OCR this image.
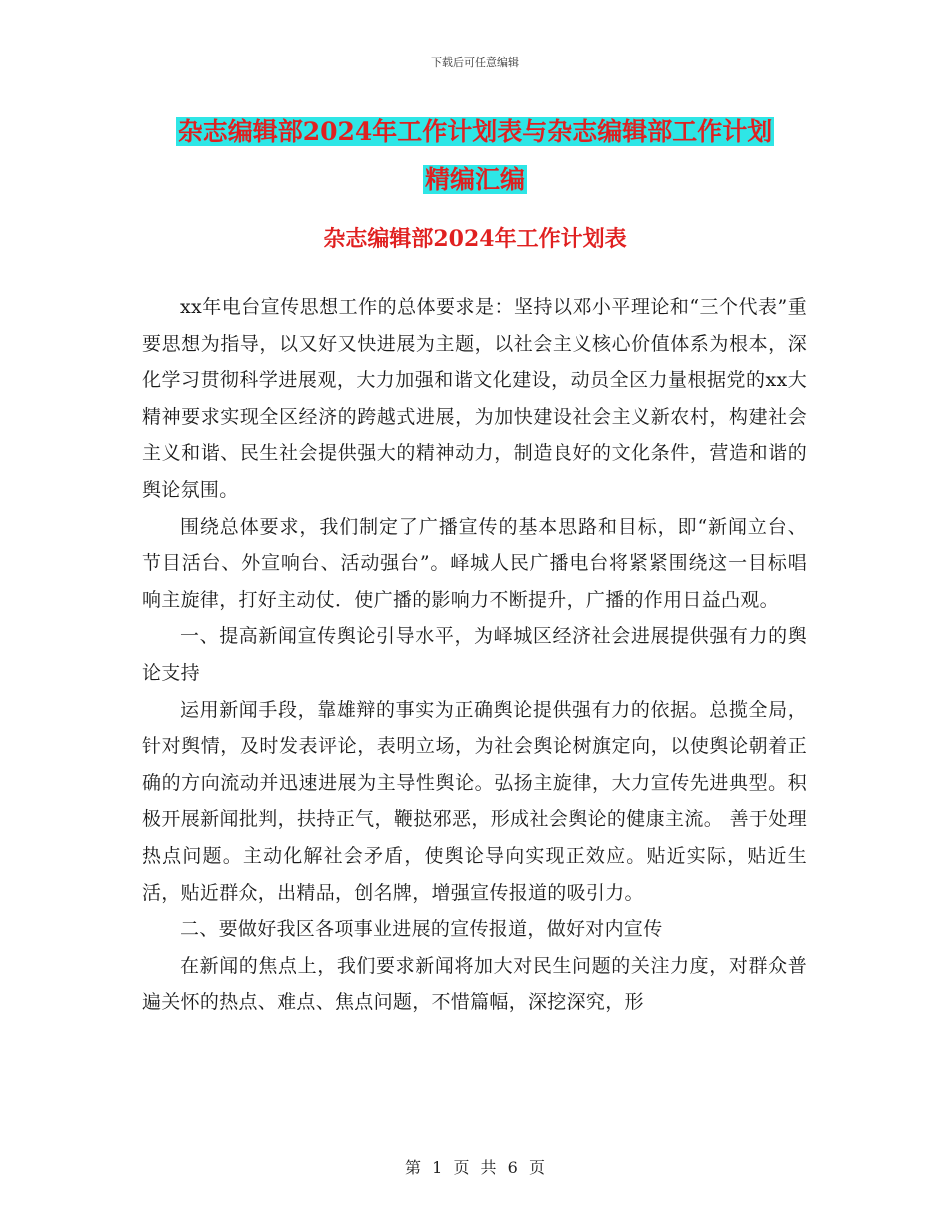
下载后可任意编辑
杂志编辑部2024年工作计划表与杂志编辑部工作计划
精编汇编
杂志编辑部2024年工作计划表

xx年电台宣传思想工作的总体要求是：坚持以邓小平理论和“三个代表”重要思想为指导，以又好又快进展为主题，以社会主义核心价值体系为根本，深化学习贯彻科学进展观，大力加强和谐文化建设，动员全区力量根据党的xx大精神要求实现全区经济的跨越式进展，为加快建设社会主义新农村，构建社会主义和谐、民生社会提供强大的精神动力，制造良好的文化条件，营造和谐的舆论氛围。

围绕总体要求，我们制定了广播宣传的基本思路和目标，即“新闻立台、节目活台、外宣响台、活动强台”。峄城人民广播电台将紧紧围绕这一目标唱响主旋律，打好主动仗．使广播的影响力不断提升，广播的作用日益凸观。

一、提高新闻宣传舆论引导水平，为峄城区经济社会进展提供强有力的舆论支持

运用新闻手段，靠雄辩的事实为正确舆论提供强有力的依据。总揽全局，针对舆情，及时发表评论，表明立场，为社会舆论树旗定向，以使舆论朝着正确的方向流动并迅速进展为主导性舆论。弘扬主旋律，大力宣传先进典型。积极开展新闻批判，扶持正气，鞭挞邪恶，形成社会舆论的健康主流。 善于处理热点问题。主动化解社会矛盾，使舆论导向实现正效应。贴近实际，贴近生活，贴近群众，出精品，创名牌，增强宣传报道的吸引力。

二、要做好我区各项事业进展的宣传报道，做好对内宣传

在新闻的焦点上，我们要求新闻将加大对民生问题的关注力度，对群众普遍关怀的热点、难点、焦点问题，不惜篇幅，深挖深究，形

第 1 页 共 6 页
